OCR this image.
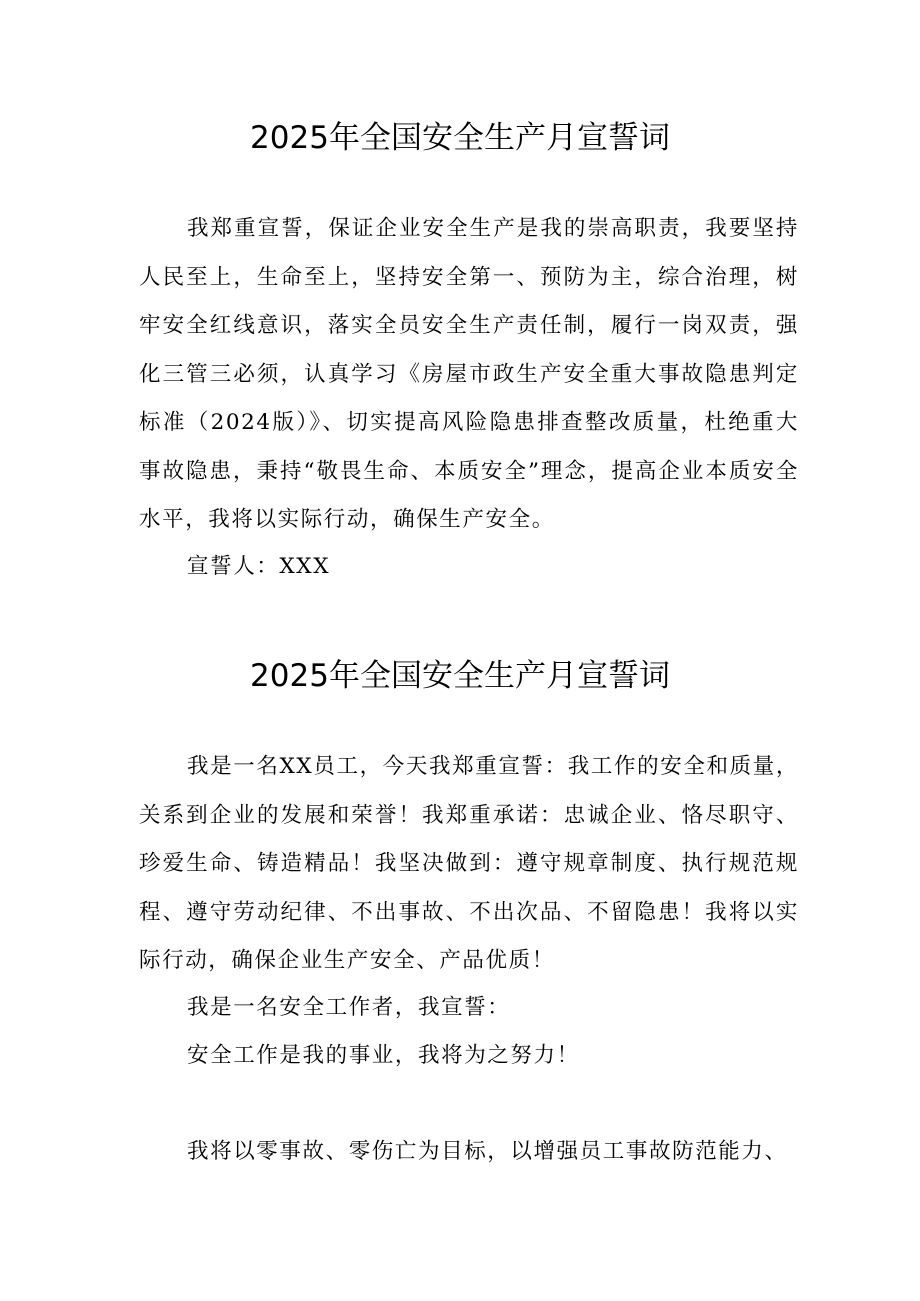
2025年全国安全生产月宣誓词

我郑重宣誓，保证企业安全生产是我的崇高职责，我要坚持人民至上，生命至上，坚持安全第一、预防为主，综合治理，树牢安全红线意识，落实全员安全生产责任制，履行一岗双责，强化三管三必须，认真学习《房屋市政生产安全重大事故隐患判定标准（2024版）》、切实提高风险隐患排查整改质量，杜绝重大事故隐患，秉持“敬畏生命、本质安全”理念，提高企业本质安全水平，我将以实际行动，确保生产安全。

宣誓人：XXX

2025年全国安全生产月宣誓词

我是一名XX员工，今天我郑重宣誓：我工作的安全和质量，关系到企业的发展和荣誉！我郑重承诺：忠诚企业、恪尽职守、珍爱生命、铸造精品！我坚决做到：遵守规章制度、执行规范规程、遵守劳动纪律、不出事故、不出次品、不留隐患！我将以实际行动，确保企业生产安全、产品优质！

我是一名安全工作者，我宣誓：

安全工作是我的事业，我将为之努力！

我将以零事故、零伤亡为目标，以增强员工事故防范能力、
